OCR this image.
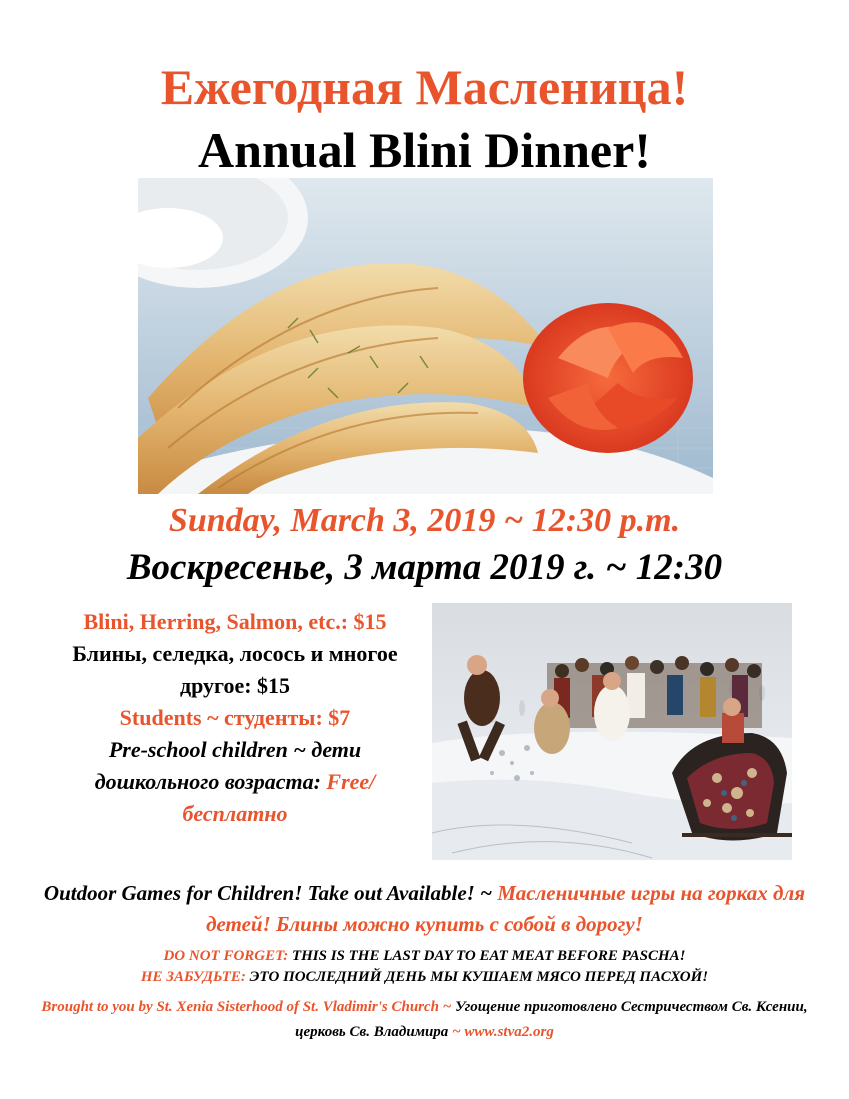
Ежегодная Масленица!
Annual Blini Dinner!
Sunday, March 3, 2019 ~ 12:30 p.m.
Воскресенье, 3 марта 2019 г. ~ 12:30
Blini, Herring, Salmon, etc.: $15
Блины, селедка, лосось и многое другое: $15
Students ~ студенты: $7
Pre-school children ~ дети дошкольного возраста: Free/ бесплатно
Outdoor Games for Children! Take out Available! ~ Масленичные игры на горках для детей! Блины можно купить с собой в дорогу!
DO NOT FORGET: THIS IS THE LAST DAY TO EAT MEAT BEFORE PASCHA!
НЕ ЗАБУДЬТЕ: ЭТО ПОСЛЕДНИЙ ДЕНЬ МЫ КУШАЕМ МЯСО ПЕРЕД ПАСХОЙ!
Brought to you by St. Xenia Sisterhood of St. Vladimir's Church ~ Угощение приготовлено Сестричеством Св. Ксении, церковь Св. Владимира ~ www.stva2.org
